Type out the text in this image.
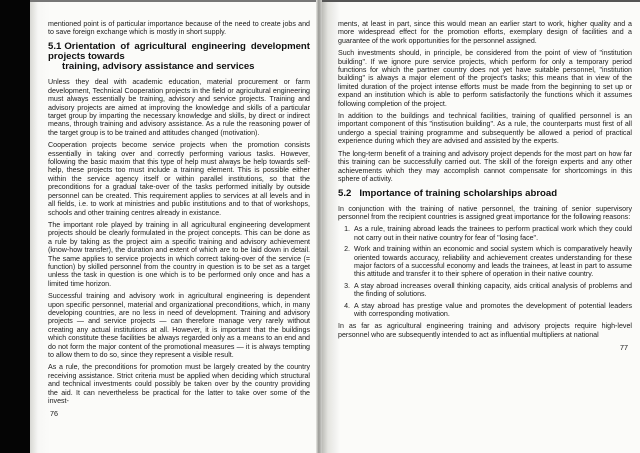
mentioned point is of particular importance because of the need to create jobs and to save foreign exchange which is mostly in short supply.

5.1 Orientation of agricultural engineering development projects towards
training, advisory assistance and services

Unless they deal with academic education, material procurement or farm development, Technical Cooperation projects in the field or agricultural engineering must always essentially be training, advisory and service projects. Training and advisory projects are aimed at improving the knowledge and skills of a particular target group by imparting the necessary knowledge and skills, by direct or indirect means, through training and advisory assistance. As a rule the reasoning power of the target group is to be trained and attitudes changed (motivation).

Cooperation projects become service projects when the promotion consists essentially in taking over and correctly performing various tasks. However, following the basic maxim that this type of help must always be help towards self-help, these projects too must include a training element. This is possible either within the service agency itself or within parallel institutions, so that the preconditions for a gradual take-over of the tasks performed initially by outside personnel can be created. This requirement applies to services at all levels and in all fields, i.e. to work at ministries and public institutions and to that of workshops, schools and other training centres already in existance.

The important role played by training in all agricultural engineering development projects should be clearly formulated in the project concepts. This can be done as a rule by taking as the project aim a specific training and advisory achievement (know-how transfer), the duration and extent of which are to be laid down in detail. The same applies to service projects in which correct taking-over of the service (= function) by skilled personnel from the country in question is to be set as a target unless the task in question is one which is to be performed only once and has a limited time horizon.

Successful training and advisory work in agricultural engineering is dependent upon specific personnel, material and organizational preconditions, which, in many developing countries, are no less in need of development. Training and advisory projects — and service projects — can therefore manage very rarely without creating any actual institutions at all. However, it is important that the buildings which constitute these facilities be always regarded only as a means to an end and do not form the major content of the promotional measures — it is always tempting to allow them to do so, since they represent a visible result.

As a rule, the preconditions for promotion must be largely created by the country receiving assistance. Strict criteria must be applied when deciding which structural and technical investments could possibly be taken over by the country providing the aid. It can nevertheless be practical for the latter to take over some of the invest-

76

ments, at least in part, since this would mean an earlier start to work, higher quality and a more widespread effect for the promotion efforts, exemplary design of facilities and a guarantee of the work opportunities for the personnel assigned.

Such investments should, in principle, be considered from the point of view of "institution building". If we ignore pure service projects, which perform for only a temporary period functions for which the partner country does not yet have suitable personnel, "institution building" is always a major element of the project's tasks; this means that in view of the limited duration of the project intense efforts must be made from the beginning to set up or expand an institution which is able to perform satisfactorily the functions which it assumes following completion of the project.

In addition to the buildings and technical facilities, training of qualified personnel is an important component of this "instisution building". As a rule, the counterparts must first of all undergo a special training programme and subsequently be allowed a period of practical experience during which they are advised and assisted by the experts.

The long-term benefit of a training and advisory project depends for the most part on how far this training can be successfully carried out. The skill of the foreign experts and any other achievements which they may accomplish cannot compensate for shortcomings in this sphere of activity.

5.2 Importance of training scholarships abroad

In conjunction with the training of native personnel, the training of senior supervisory personnel from the recipient countries is assigned great importance for the following reasons:

1. As a rule, training abroad leads the trainees to perform practical work which they could not carry out in their native country for fear of "losing face".
2. Work and training within an economic and social system which is comparatively heavily oriented towards accuracy, reliability and achievement creates understanding for these major factors of a successful economy and leads the trainees, at least in part to assume this attitude and transfer it to their sphere of operation in their native country.
3. A stay abroad increases overall thinking capacity, aids critical analysis of problems and the finding of solutions.
4. A stay abroad has prestige value and promotes the development of potential leaders with corresponding motivation.

In as far as agricultural engineering training and advisory projects require high-level personnel who are subsequently intended to act as influential multipliers at national

77
